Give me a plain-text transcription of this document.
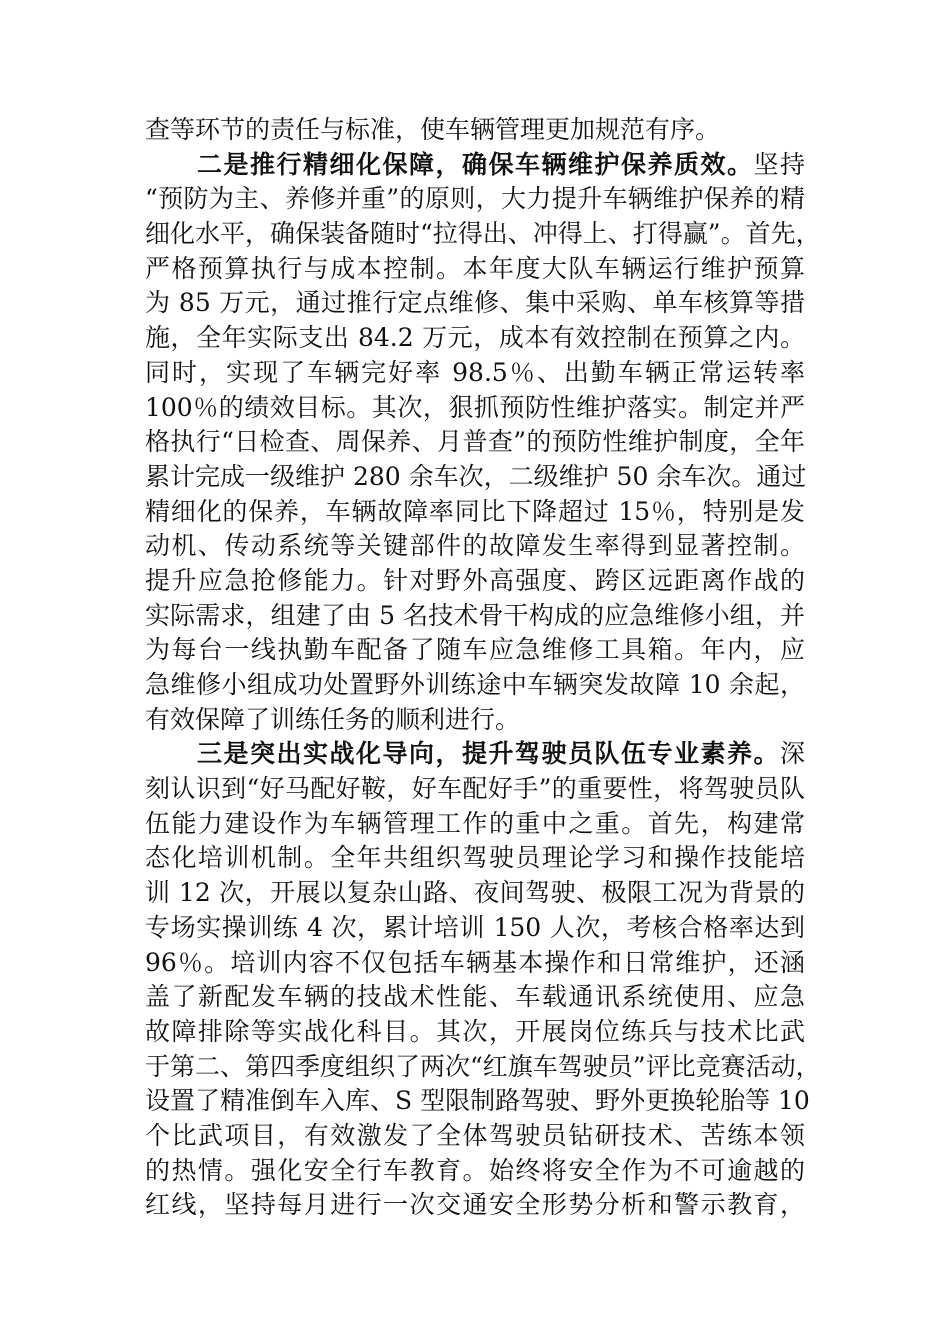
查等环节的责任与标准，使车辆管理更加规范有序。
二是推行精细化保障，确保车辆维护保养质效。坚持
“预防为主、养修并重”的原则，大力提升车辆维护保养的精
细化水平，确保装备随时“拉得出、冲得上、打得赢”。首先，
严格预算执行与成本控制。本年度大队车辆运行维护预算
为 85 万元，通过推行定点维修、集中采购、单车核算等措
施，全年实际支出 84.2 万元，成本有效控制在预算之内。
同时，实现了车辆完好率 98.5％、出勤车辆正常运转率
100％的绩效目标。其次，狠抓预防性维护落实。制定并严
格执行“日检查、周保养、月普查”的预防性维护制度，全年
累计完成一级维护 280 余车次，二级维护 50 余车次。通过
精细化的保养，车辆故障率同比下降超过 15％，特别是发
动机、传动系统等关键部件的故障发生率得到显著控制。
提升应急抢修能力。针对野外高强度、跨区远距离作战的
实际需求，组建了由 5 名技术骨干构成的应急维修小组，并
为每台一线执勤车配备了随车应急维修工具箱。年内，应
急维修小组成功处置野外训练途中车辆突发故障 10 余起，
有效保障了训练任务的顺利进行。
三是突出实战化导向，提升驾驶员队伍专业素养。深
刻认识到“好马配好鞍，好车配好手”的重要性，将驾驶员队
伍能力建设作为车辆管理工作的重中之重。首先，构建常
态化培训机制。全年共组织驾驶员理论学习和操作技能培
训 12 次，开展以复杂山路、夜间驾驶、极限工况为背景的
专场实操训练 4 次，累计培训 150 人次，考核合格率达到
96％。培训内容不仅包括车辆基本操作和日常维护，还涵
盖了新配发车辆的技战术性能、车载通讯系统使用、应急
故障排除等实战化科目。其次，开展岗位练兵与技术比武
于第二、第四季度组织了两次“红旗车驾驶员”评比竞赛活动，
设置了精准倒车入库、S 型限制路驾驶、野外更换轮胎等 10
个比武项目，有效激发了全体驾驶员钻研技术、苦练本领
的热情。强化安全行车教育。始终将安全作为不可逾越的
红线，坚持每月进行一次交通安全形势分析和警示教育，
